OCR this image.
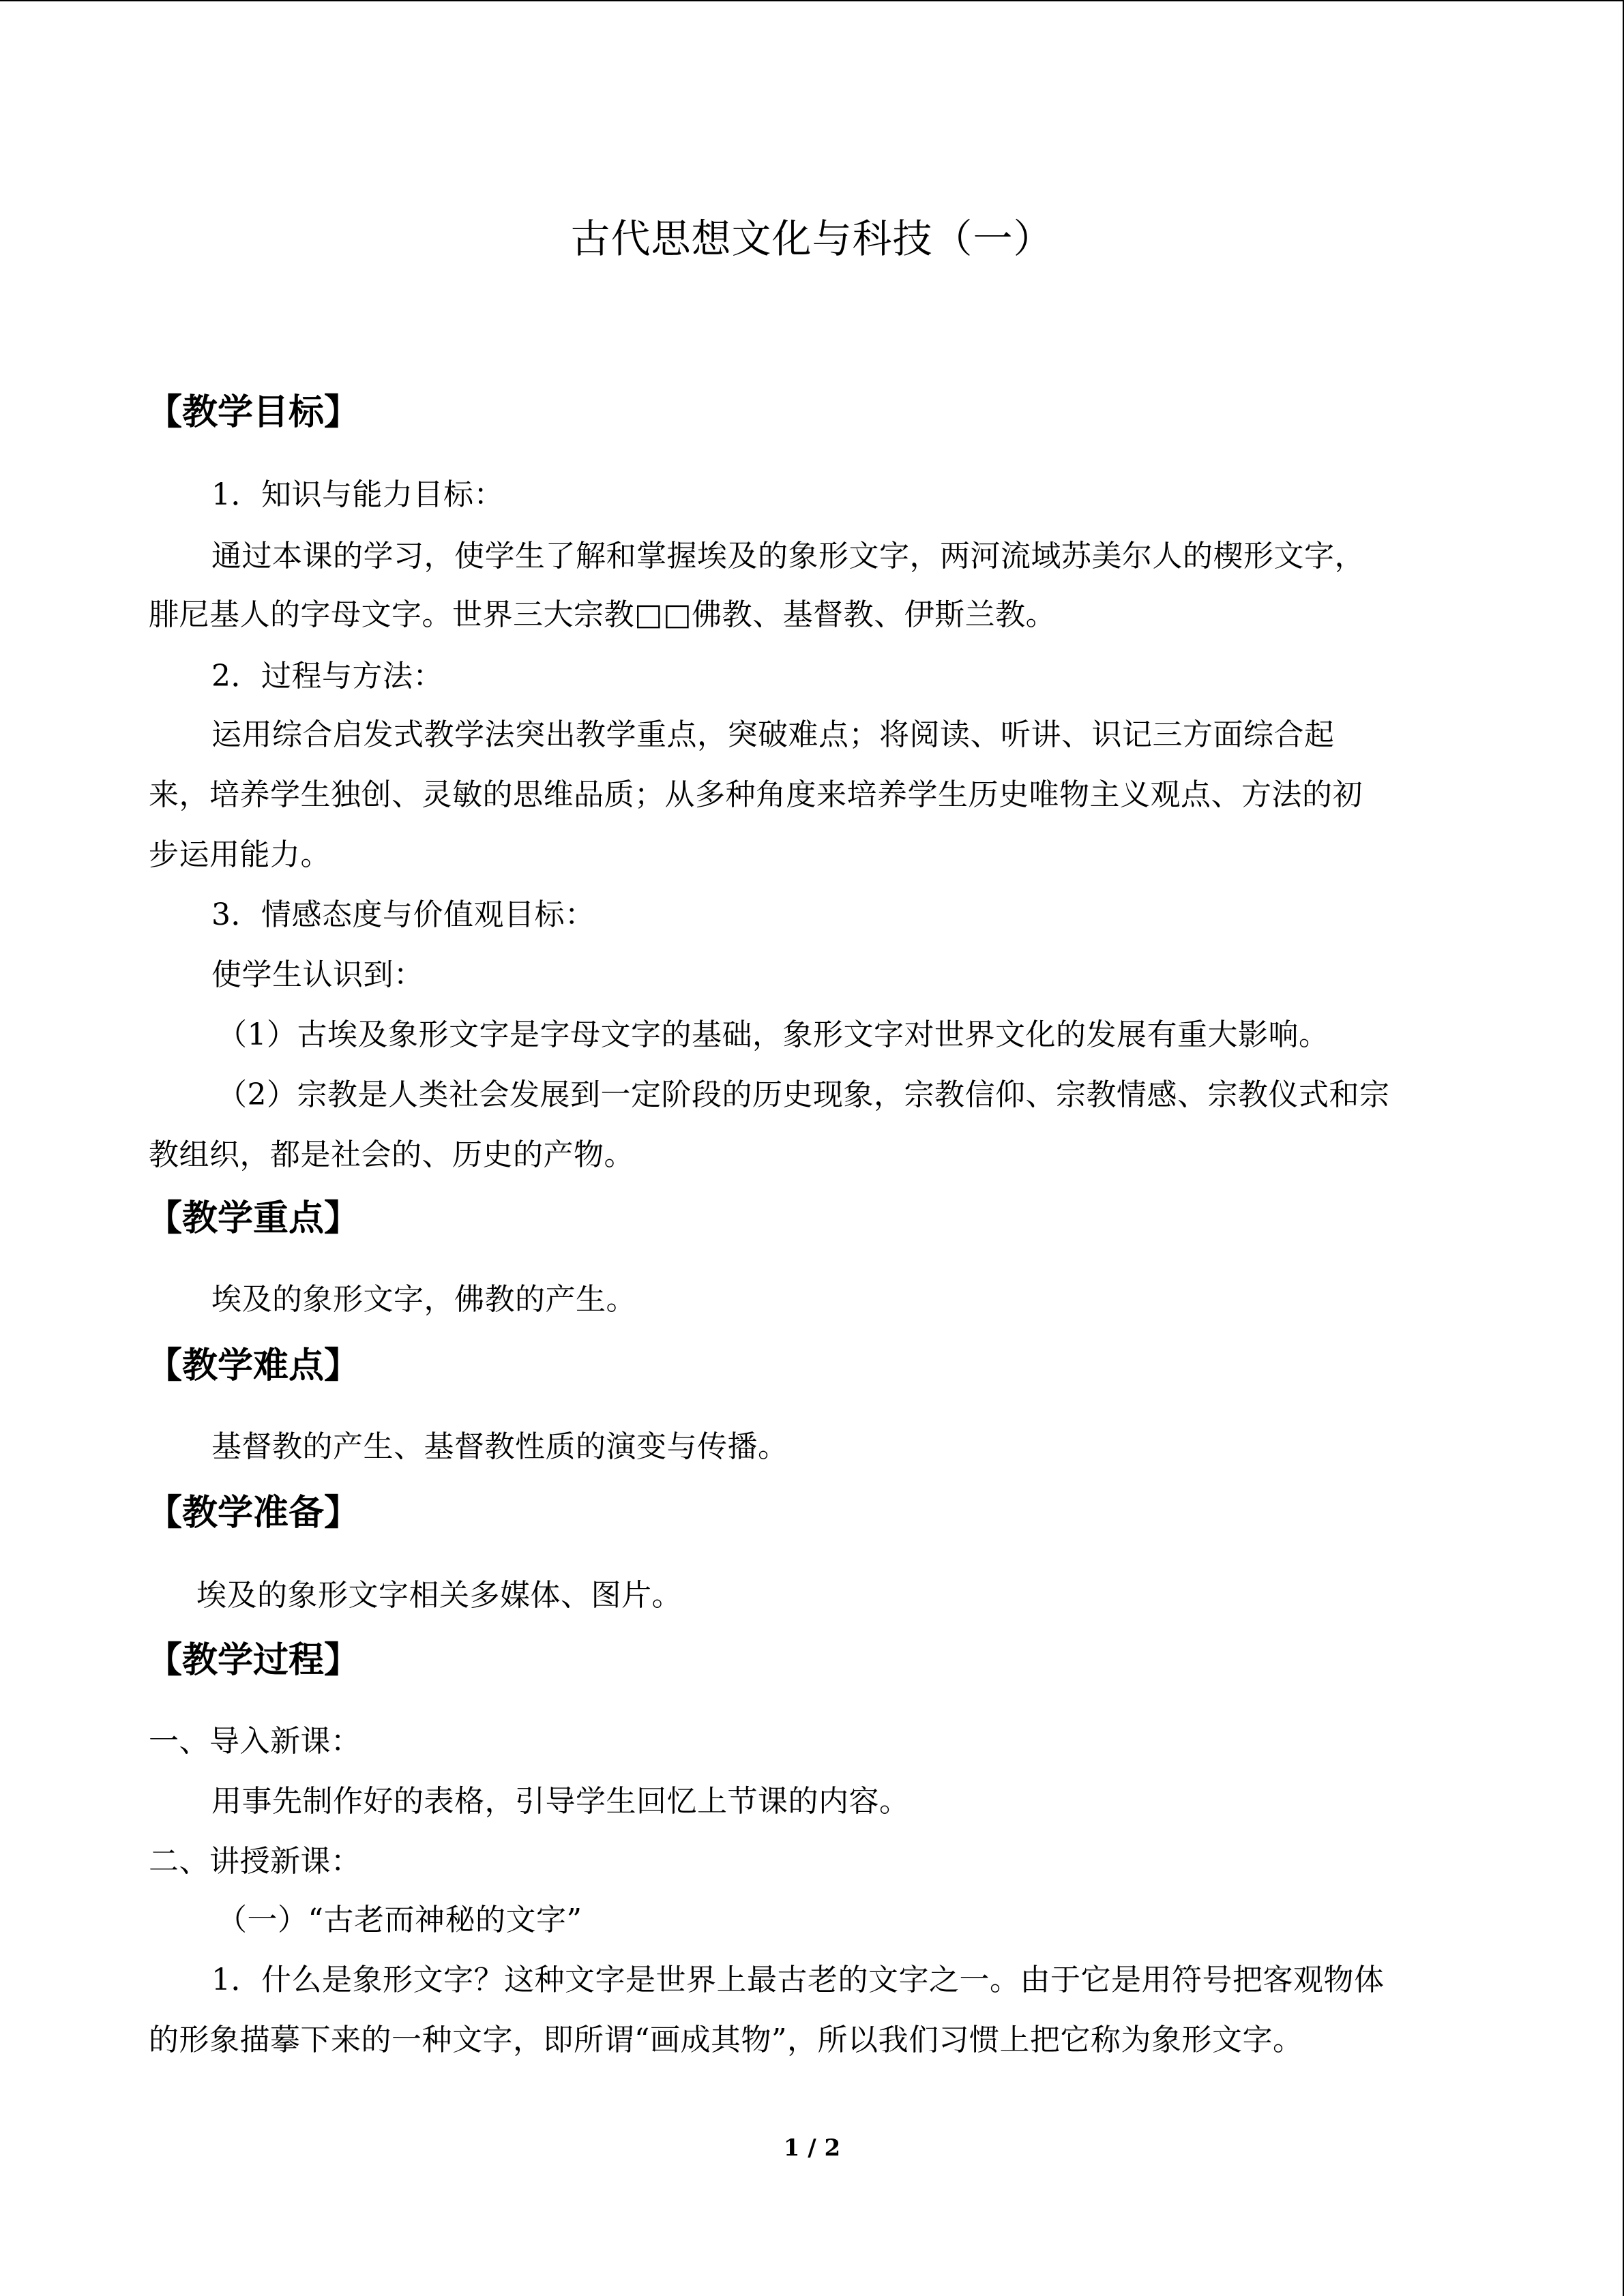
古代思想文化与科技（一）
【教学目标】
1．知识与能力目标：
通过本课的学习，使学生了解和掌握埃及的象形文字，两河流域苏美尔人的楔形文字，
腓尼基人的字母文字。世界三大宗教□□佛教、基督教、伊斯兰教。
2．过程与方法：
运用综合启发式教学法突出教学重点，突破难点；将阅读、听讲、识记三方面综合起
来，培养学生独创、灵敏的思维品质；从多种角度来培养学生历史唯物主义观点、方法的初
步运用能力。
3．情感态度与价值观目标：
使学生认识到：
（1）古埃及象形文字是字母文字的基础，象形文字对世界文化的发展有重大影响。
（2）宗教是人类社会发展到一定阶段的历史现象，宗教信仰、宗教情感、宗教仪式和宗
教组织，都是社会的、历史的产物。
【教学重点】
埃及的象形文字，佛教的产生。
【教学难点】
基督教的产生、基督教性质的演变与传播。
【教学准备】
埃及的象形文字相关多媒体、图片。
【教学过程】
一、导入新课：
用事先制作好的表格，引导学生回忆上节课的内容。
二、讲授新课：
（一）“古老而神秘的文字”
1．什么是象形文字？这种文字是世界上最古老的文字之一。由于它是用符号把客观物体
的形象描摹下来的一种文字，即所谓“画成其物”，所以我们习惯上把它称为象形文字。
1 / 2
